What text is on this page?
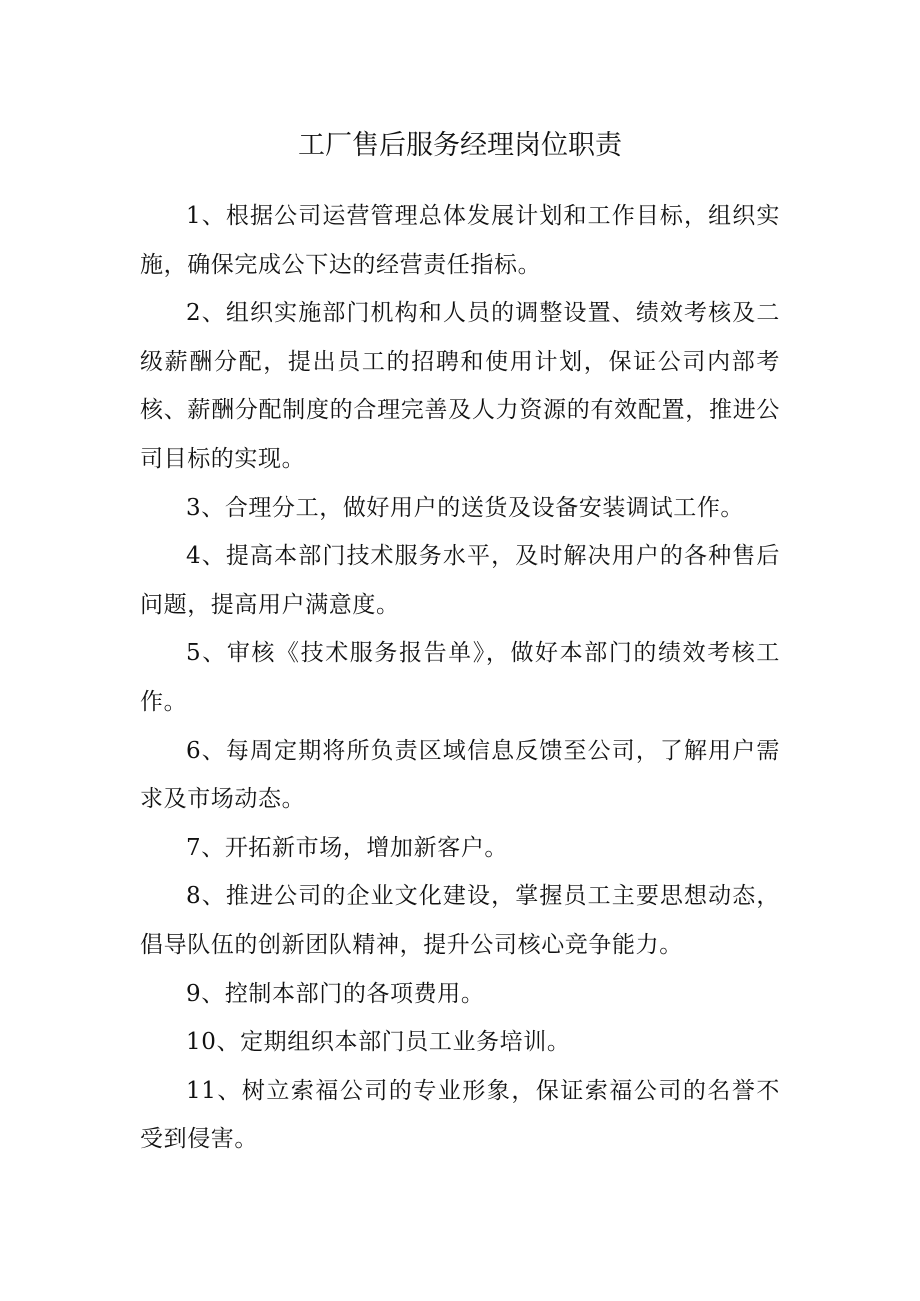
工厂售后服务经理岗位职责

1、根据公司运营管理总体发展计划和工作目标，组织实施，确保完成公下达的经营责任指标。

2、组织实施部门机构和人员的调整设置、绩效考核及二级薪酬分配，提出员工的招聘和使用计划，保证公司内部考核、薪酬分配制度的合理完善及人力资源的有效配置，推进公司目标的实现。

3、合理分工，做好用户的送货及设备安装调试工作。

4、提高本部门技术服务水平，及时解决用户的各种售后问题，提高用户满意度。

5、审核《技术服务报告单》，做好本部门的绩效考核工作。

6、每周定期将所负责区域信息反馈至公司，了解用户需求及市场动态。

7、开拓新市场，增加新客户。

8、推进公司的企业文化建设，掌握员工主要思想动态，倡导队伍的创新团队精神，提升公司核心竞争能力。

9、控制本部门的各项费用。

10、定期组织本部门员工业务培训。

11、树立索福公司的专业形象，保证索福公司的名誉不受到侵害。
